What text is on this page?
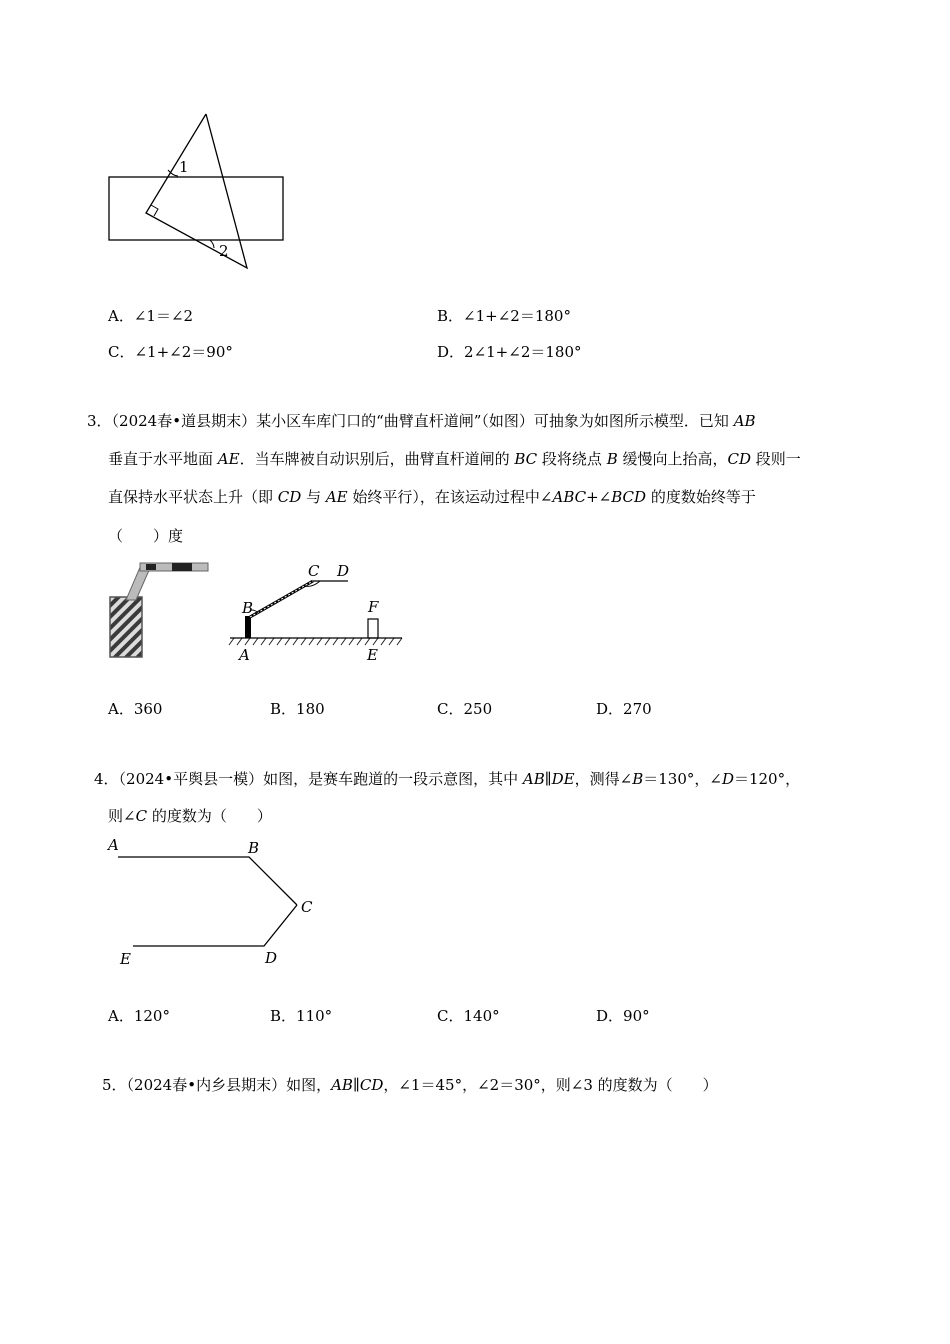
1
2
A．∠1＝∠2	B．∠1+∠2＝180°
C．∠1+∠2＝90°	D．2∠1+∠2＝180°
3．（2024春•道县期末）某小区车库门口的“曲臂直杆道闸”（如图）可抽象为如图所示模型．已知 AB
垂直于水平地面 AE．当车牌被自动识别后，曲臂直杆道闸的 BC 段将绕点 B 缓慢向上抬高，CD 段则一
直保持水平状态上升（即 CD 与 AE 始终平行），在该运动过程中∠ABC+∠BCD 的度数始终等于
（　　）度
A
B
C D
E
F
A．360	B．180	C．250	D．270
4．（2024•平舆县一模）如图，是赛车跑道的一段示意图，其中 AB∥DE，测得∠B＝130°，∠D＝120°，
则∠C 的度数为（　　）
A	B
C
D
E
A．120°	B．110°	C．140°	D．90°
5．（2024春•内乡县期末）如图，AB∥CD，∠1＝45°，∠2＝30°，则∠3 的度数为（　　）
